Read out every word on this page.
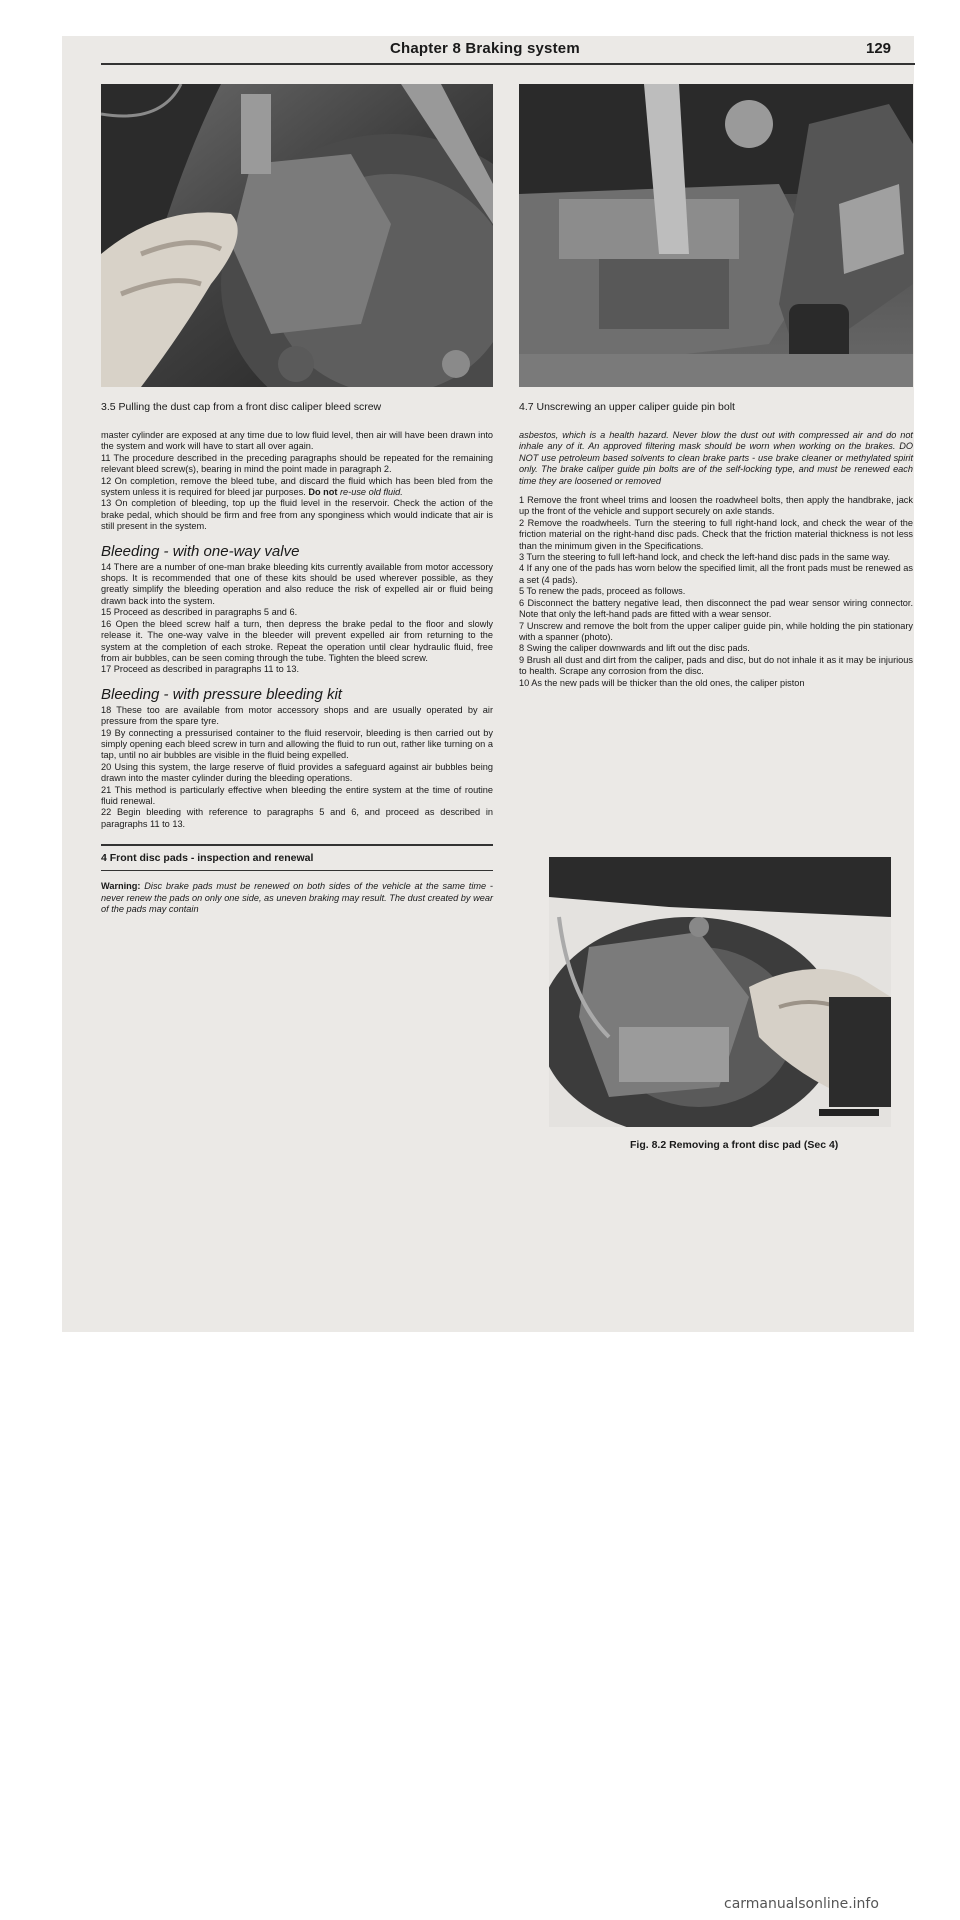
Chapter 8 Braking system	129
3.5 Pulling the dust cap from a front disc caliper bleed screw	4.7 Unscrewing an upper caliper guide pin bolt

master cylinder are exposed at any time due to low fluid level, then air will have been drawn into the system and work will have to start all over again.

11 The procedure described in the preceding paragraphs should be repeated for the remaining relevant bleed screw(s), bearing in mind the point made in paragraph 2.

12 On completion, remove the bleed tube, and discard the fluid which has been bled from the system unless it is required for bleed jar purposes. Do not re-use old fluid.

13 On completion of bleeding, top up the fluid level in the reservoir. Check the action of the brake pedal, which should be firm and free from any sponginess which would indicate that air is still present in the system.

Bleeding - with one-way valve

14 There are a number of one-man brake bleeding kits currently available from motor accessory shops. It is recommended that one of these kits should be used wherever possible, as they greatly simplify the bleeding operation and also reduce the risk of expelled air or fluid being drawn back into the system.

15 Proceed as described in paragraphs 5 and 6.

16 Open the bleed screw half a turn, then depress the brake pedal to the floor and slowly release it. The one-way valve in the bleeder will prevent expelled air from returning to the system at the completion of each stroke. Repeat the operation until clear hydraulic fluid, free from air bubbles, can be seen coming through the tube. Tighten the bleed screw.

17 Proceed as described in paragraphs 11 to 13.

Bleeding - with pressure bleeding kit

18 These too are available from motor accessory shops and are usually operated by air pressure from the spare tyre.

19 By connecting a pressurised container to the fluid reservoir, bleeding is then carried out by simply opening each bleed screw in turn and allowing the fluid to run out, rather like turning on a tap, until no air bubbles are visible in the fluid being expelled.

20 Using this system, the large reserve of fluid provides a safeguard against air bubbles being drawn into the master cylinder during the bleeding operations.

21 This method is particularly effective when bleeding the entire system at the time of routine fluid renewal.

22 Begin bleeding with reference to paragraphs 5 and 6, and proceed as described in paragraphs 11 to 13.

4 Front disc pads - inspection and renewal

Warning: Disc brake pads must be renewed on both sides of the vehicle at the same time - never renew the pads on only one side, as uneven braking may result. The dust created by wear of the pads may contain

asbestos, which is a health hazard. Never blow the dust out with compressed air and do not inhale any of it. An approved filtering mask should be worn when working on the brakes. DO NOT use petroleum based solvents to clean brake parts - use brake cleaner or methylated spirit only. The brake caliper guide pin bolts are of the self-locking type, and must be renewed each time they are loosened or removed

1 Remove the front wheel trims and loosen the roadwheel bolts, then apply the handbrake, jack up the front of the vehicle and support securely on axle stands.

2 Remove the roadwheels. Turn the steering to full right-hand lock, and check the wear of the friction material on the right-hand disc pads. Check that the friction material thickness is not less than the minimum given in the Specifications.

3 Turn the steering to full left-hand lock, and check the left-hand disc pads in the same way.

4 If any one of the pads has worn below the specified limit, all the front pads must be renewed as a set (4 pads).

5 To renew the pads, proceed as follows.

6 Disconnect the battery negative lead, then disconnect the pad wear sensor wiring connector. Note that only the left-hand pads are fitted with a wear sensor.

7 Unscrew and remove the bolt from the upper caliper guide pin, while holding the pin stationary with a spanner (photo).

8 Swing the caliper downwards and lift out the disc pads.

9 Brush all dust and dirt from the caliper, pads and disc, but do not inhale it as it may be injurious to health. Scrape any corrosion from the disc.

10 As the new pads will be thicker than the old ones, the caliper piston

Fig. 8.2 Removing a front disc pad (Sec 4)
carmanualsonline.info
